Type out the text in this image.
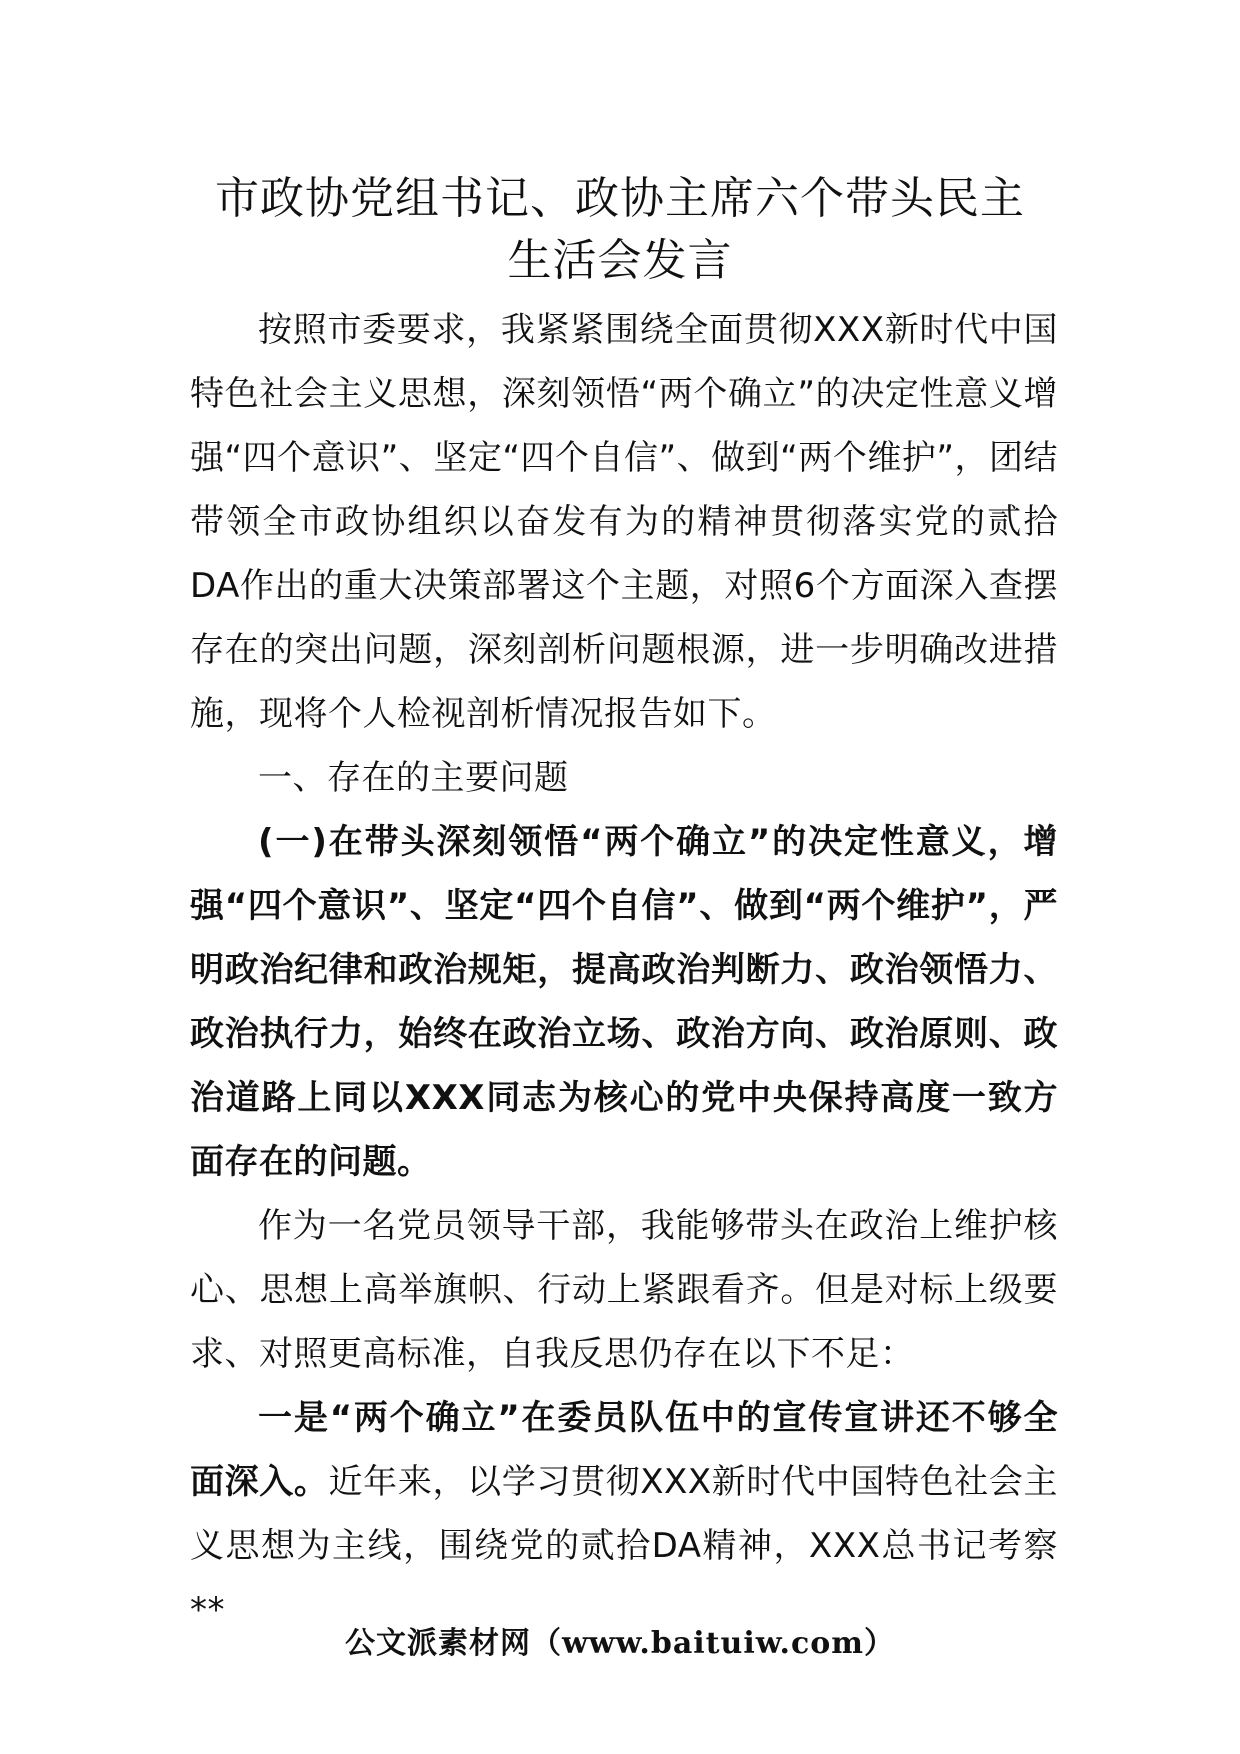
市政协党组书记、政协主席六个带头民主
生活会发言

按照市委要求，我紧紧围绕全面贯彻XXX新时代中国特色社会主义思想，深刻领悟“两个确立”的决定性意义增强“四个意识”、坚定“四个自信”、做到“两个维护”，团结带领全市政协组织以奋发有为的精神贯彻落实党的贰拾DA作出的重大决策部署这个主题，对照6个方面深入查摆存在的突出问题，深刻剖析问题根源，进一步明确改进措施，现将个人检视剖析情况报告如下。

一、存在的主要问题

(一)在带头深刻领悟“两个确立”的决定性意义，增强“四个意识”、坚定“四个自信”、做到“两个维护”，严明政治纪律和政治规矩，提高政治判断力、政治领悟力、政治执行力，始终在政治立场、政治方向、政治原则、政治道路上同以XXX同志为核心的党中央保持高度一致方面存在的问题。

作为一名党员领导干部，我能够带头在政治上维护核心、思想上高举旗帜、行动上紧跟看齐。但是对标上级要求、对照更高标准，自我反思仍存在以下不足：

一是“两个确立”在委员队伍中的宣传宣讲还不够全面深入。近年来，以学习贯彻XXX新时代中国特色社会主义思想为主线，围绕党的贰拾DA精神，XXX总书记考察**

公文派素材网（www.baituiw.com）
